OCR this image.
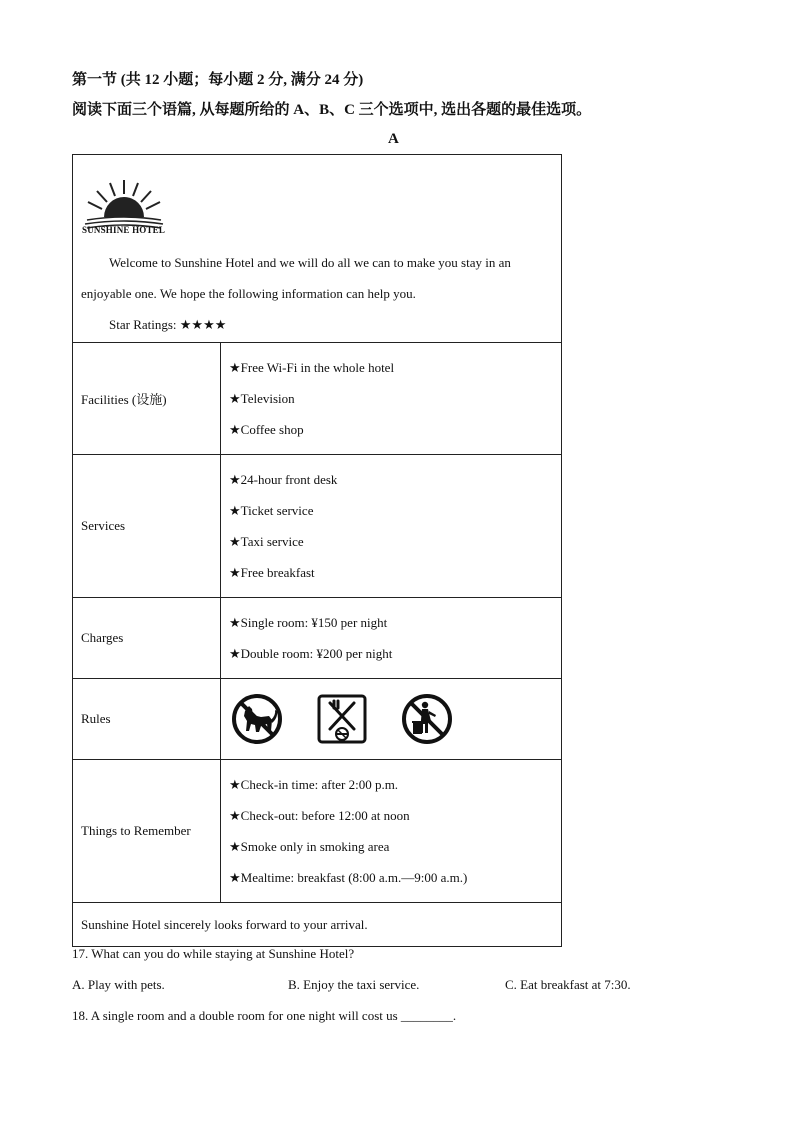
第一节 (共 12 小题；每小题 2 分, 满分 24 分)
阅读下面三个语篇, 从每题所给的 A、B、C 三个选项中, 选出各题的最佳选项。
A
SUNSHINE HOTEL

Welcome to Sunshine Hotel and we will do all we can to make you stay in an

enjoyable one. We hope the following information can help you.

Star Ratings: ★★★★	

Facilities (设施)	★Free Wi-Fi in the whole hotel
★Television
★Coffee shop

Services	★24-hour front desk
★Ticket service
★Taxi service
★Free breakfast

Charges	★Single room: ¥150 per night
★Double room: ¥200 per night

Rules	

Things to Remember	★Check-in time: after 2:00 p.m.
★Check-out: before 12:00 at noon
★Smoke only in smoking area
★Mealtime: breakfast (8:00 a.m.—9:00 a.m.)

Sunshine Hotel sincerely looks forward to your arrival.	
17. What can you do while staying at Sunshine Hotel?
A. Play with pets.	B. Enjoy the taxi service.	C. Eat breakfast at 7:30.
18. A single room and a double room for one night will cost us ________.
